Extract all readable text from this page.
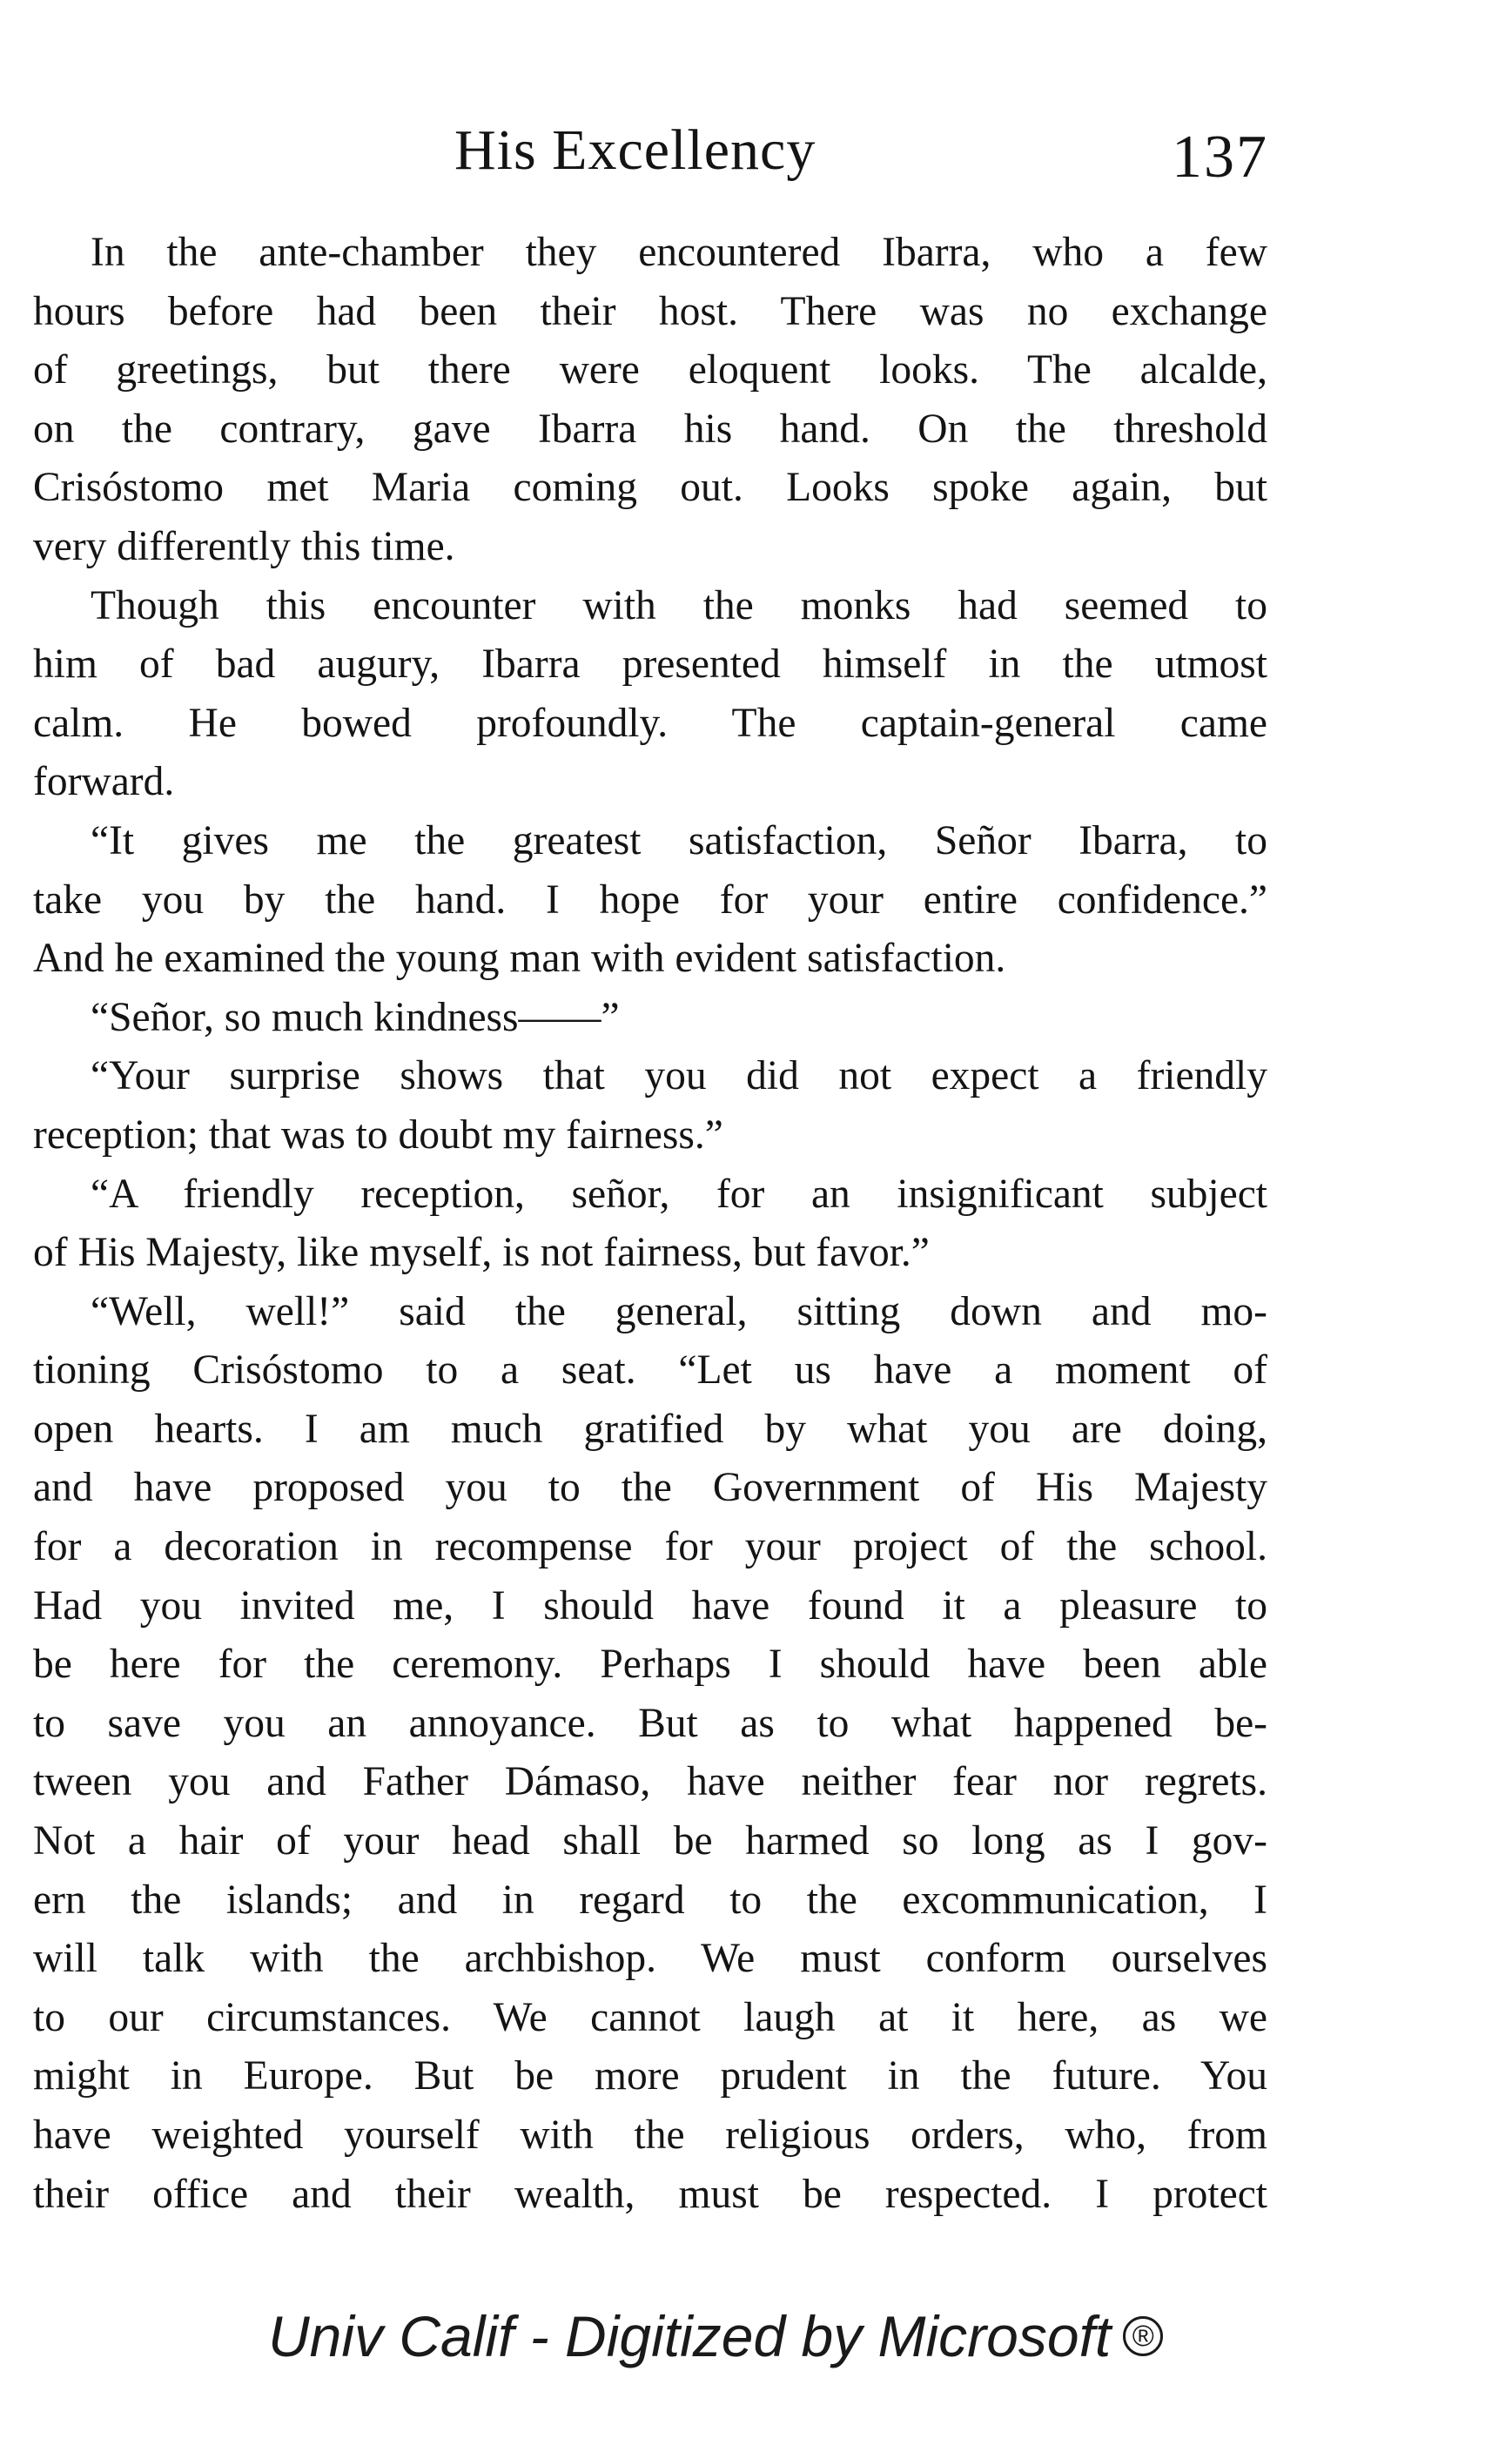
His Excellency	137
In the ante-chamber they encountered Ibarra, who a few
hours before had been their host. There was no exchange
of greetings, but there were eloquent looks. The alcalde,
on the contrary, gave Ibarra his hand. On the threshold
Crisóstomo met Maria coming out. Looks spoke again, but
very differently this time.
Though this encounter with the monks had seemed to
him of bad augury, Ibarra presented himself in the utmost
calm. He bowed profoundly. The captain-general came
forward.
“It gives me the greatest satisfaction, Señor Ibarra, to
take you by the hand. I hope for your entire confidence.”
And he examined the young man with evident satisfaction.
“Señor, so much kindness——”
“Your surprise shows that you did not expect a friendly
reception; that was to doubt my fairness.”
“A friendly reception, señor, for an insignificant subject
of His Majesty, like myself, is not fairness, but favor.”
“Well, well!” said the general, sitting down and mo-
tioning Crisóstomo to a seat. “Let us have a moment of
open hearts. I am much gratified by what you are doing,
and have proposed you to the Government of His Majesty
for a decoration in recompense for your project of the school.
Had you invited me, I should have found it a pleasure to
be here for the ceremony. Perhaps I should have been able
to save you an annoyance. But as to what happened be-
tween you and Father Dámaso, have neither fear nor regrets.
Not a hair of your head shall be harmed so long as I gov-
ern the islands; and in regard to the excommunication, I
will talk with the archbishop. We must conform ourselves
to our circumstances. We cannot laugh at it here, as we
might in Europe. But be more prudent in the future. You
have weighted yourself with the religious orders, who, from
their office and their wealth, must be respected. I protect
Univ Calif - Digitized by Microsoft ®
